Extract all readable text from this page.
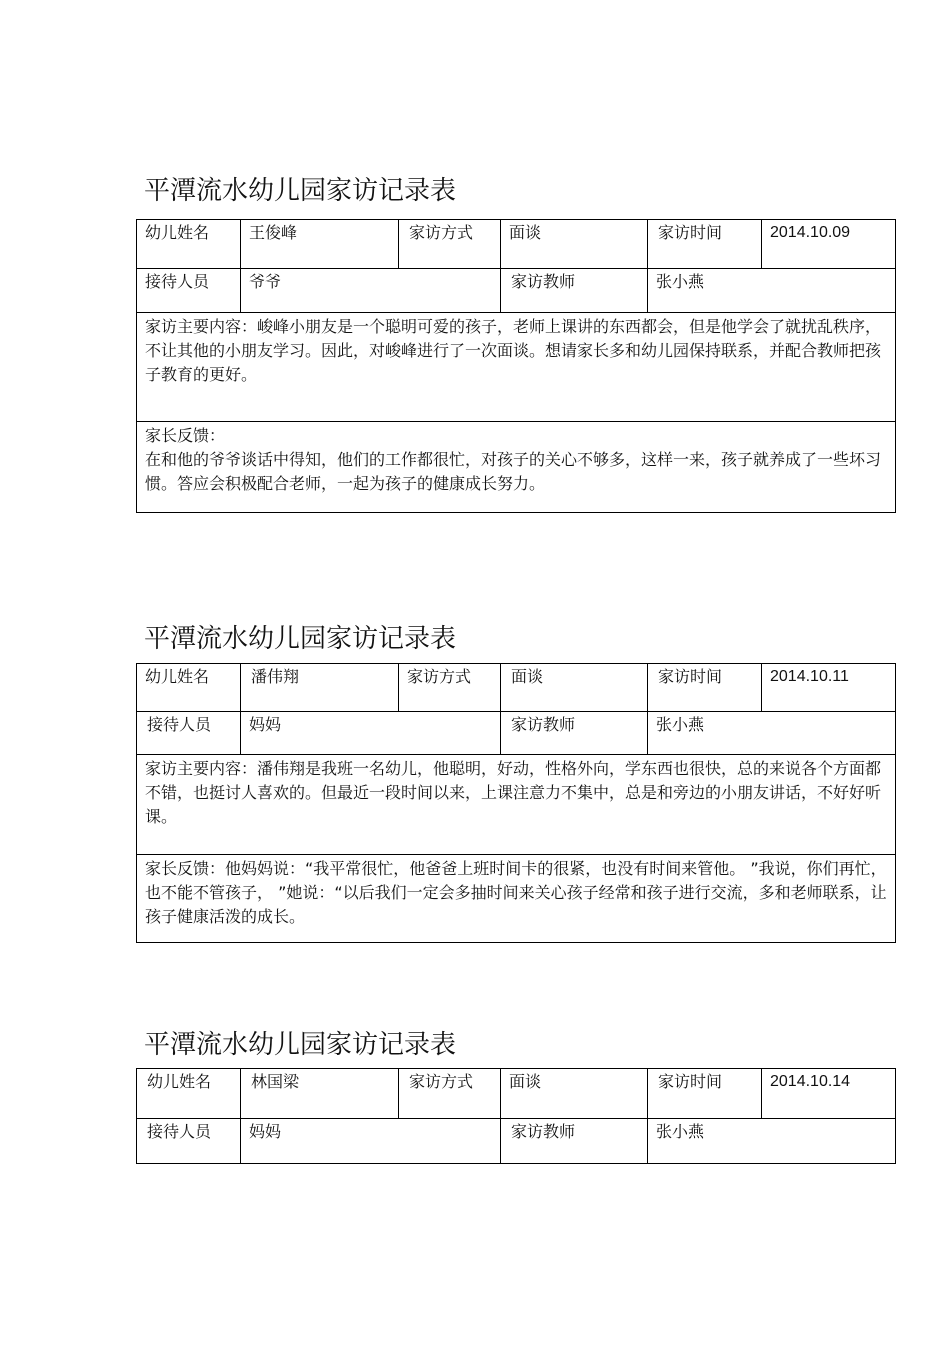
平潭流水幼儿园家访记录表
幼儿姓名	王俊峰	家访方式	面谈	家访时间	2014.10.09
接待人员	爷爷		家访教师	张小燕	

家访主要内容：峻峰小朋友是一个聪明可爱的孩子，老师上课讲的东西都会，但是他学会了就扰乱秩序，不让其他的小朋友学习。因此，对峻峰进行了一次面谈。想请家长多和幼儿园保持联系，并配合教师把孩子教育的更好。					

家长反馈：
在和他的爷爷谈话中得知，他们的工作都很忙，对孩子的关心不够多，这样一来，孩子就养成了一些坏习惯。答应会积极配合老师，一起为孩子的健康成长努力。					
平潭流水幼儿园家访记录表
幼儿姓名	潘伟翔	家访方式	面谈	家访时间	2014.10.11
接待人员	妈妈		家访教师	张小燕	

家访主要内容：潘伟翔是我班一名幼儿，他聪明，好动，性格外向，学东西也很快，总的来说各个方面都不错，也挺讨人喜欢的。但最近一段时间以来，上课注意力不集中，总是和旁边的小朋友讲话，不好好听课。					

家长反馈：他妈妈说：“我平常很忙，他爸爸上班时间卡的很紧，也没有时间来管他。 ”我说，你们再忙，也不能不管孩子， ”她说：“以后我们一定会多抽时间来关心孩子经常和孩子进行交流，多和老师联系，让孩子健康活泼的成长。					
平潭流水幼儿园家访记录表
幼儿姓名	林国梁	家访方式	面谈	家访时间	2014.10.14
接待人员	妈妈		家访教师	张小燕	
